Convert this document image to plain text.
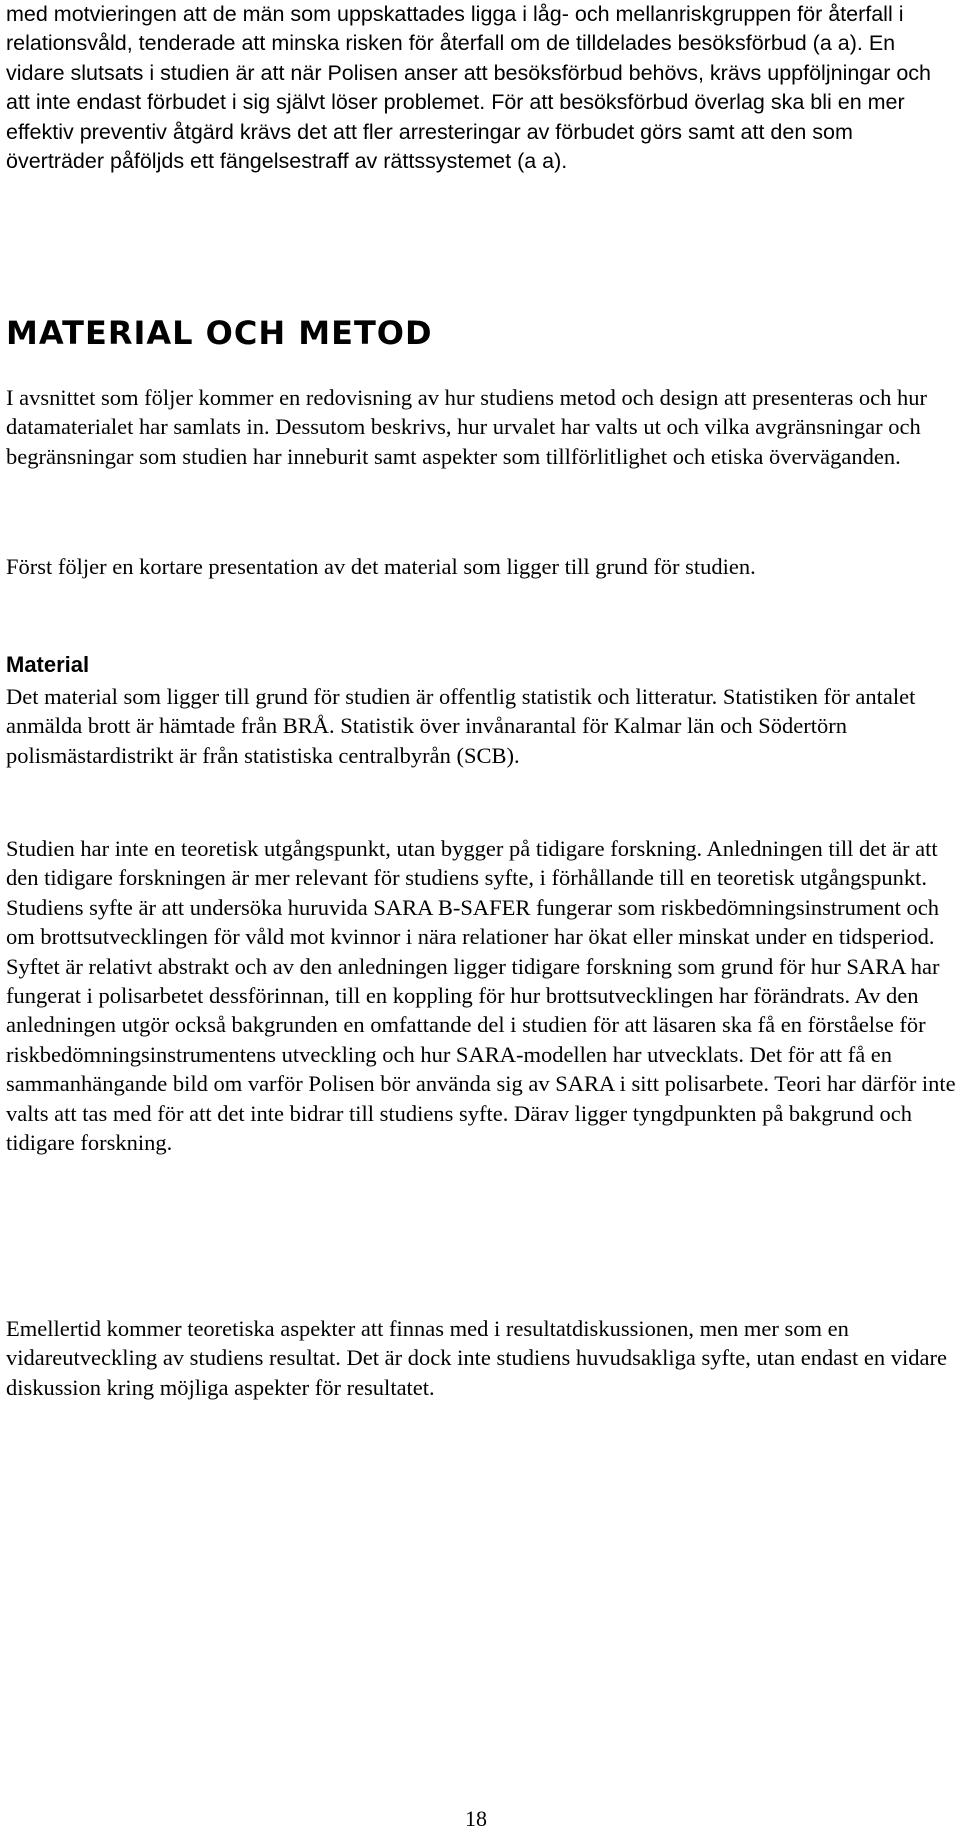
med motvieringen att de män som uppskattades ligga i låg- och mellanriskgruppen för återfall i relationsvåld, tenderade att minska risken för återfall om de tilldelades besöksförbud (a a). En vidare slutsats i studien är att när Polisen anser att besöksförbud behövs, krävs uppföljningar och att inte endast förbudet i sig självt löser problemet. För att besöksförbud överlag ska bli en mer effektiv preventiv åtgärd krävs det att fler arresteringar av förbudet görs samt att den som överträder påföljds ett fängelsestraff av rättssystemet (a a).

MATERIAL OCH METOD

I avsnittet som följer kommer en redovisning av hur studiens metod och design att presenteras och hur datamaterialet har samlats in. Dessutom beskrivs, hur urvalet har valts ut och vilka avgränsningar och begränsningar som studien har inneburit samt aspekter som tillförlitlighet och etiska överväganden.

Först följer en kortare presentation av det material som ligger till grund för studien.

Material

Det material som ligger till grund för studien är offentlig statistik och litteratur. Statistiken för antalet anmälda brott är hämtade från BRÅ. Statistik över invånarantal för Kalmar län och Södertörn polismästardistrikt är från statistiska centralbyrån (SCB).

Studien har inte en teoretisk utgångspunkt, utan bygger på tidigare forskning. Anledningen till det är att den tidigare forskningen är mer relevant för studiens syfte, i förhållande till en teoretisk utgångspunkt. Studiens syfte är att undersöka huruvida SARA B-SAFER fungerar som riskbedömningsinstrument och om brottsutvecklingen för våld mot kvinnor i nära relationer har ökat eller minskat under en tidsperiod. Syftet är relativt abstrakt och av den anledningen ligger tidigare forskning som grund för hur SARA har fungerat i polisarbetet dessförinnan, till en koppling för hur brottsutvecklingen har förändrats. Av den anledningen utgör också bakgrunden en omfattande del i studien för att läsaren ska få en förståelse för riskbedömningsinstrumentens utveckling och hur SARA-modellen har utvecklats. Det för att få en sammanhängande bild om varför Polisen bör använda sig av SARA i sitt polisarbete. Teori har därför inte valts att tas med för att det inte bidrar till studiens syfte. Därav ligger tyngdpunkten på bakgrund och tidigare forskning.

Emellertid kommer teoretiska aspekter att finnas med i resultatdiskussionen, men mer som en vidareutveckling av studiens resultat. Det är dock inte studiens huvudsakliga syfte, utan endast en vidare diskussion kring möjliga aspekter för resultatet.

18
